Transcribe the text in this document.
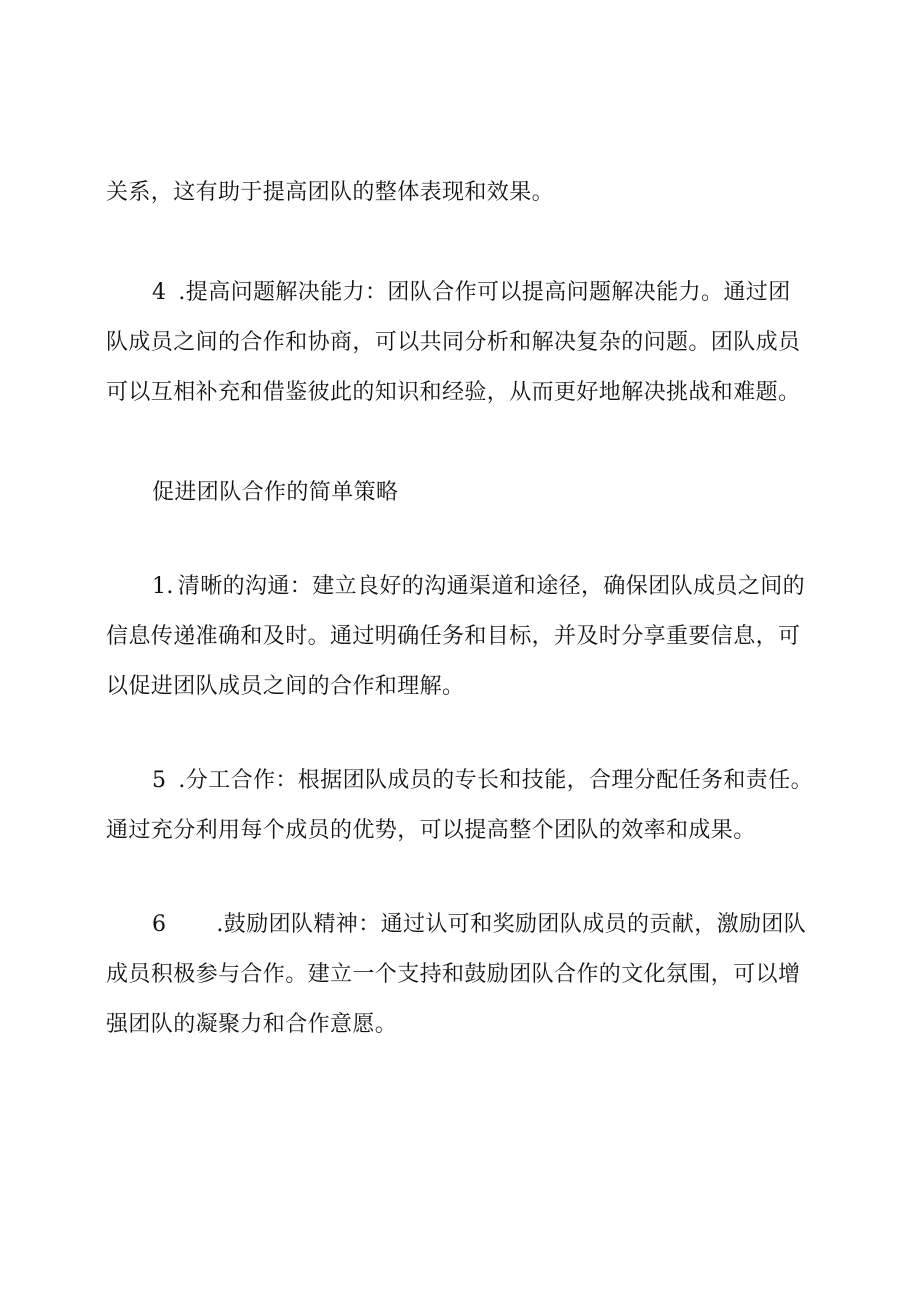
关系，这有助于提高团队的整体表现和效果。

4 .提高问题解决能力：团队合作可以提高问题解决能力。通过团

队成员之间的合作和协商，可以共同分析和解决复杂的问题。团队成员

可以互相补充和借鉴彼此的知识和经验，从而更好地解决挑战和难题。

促进团队合作的简单策略

1. 清晰的沟通：建立良好的沟通渠道和途径，确保团队成员之间的

信息传递准确和及时。通过明确任务和目标，并及时分享重要信息，可

以促进团队成员之间的合作和理解。

5 .分工合作：根据团队成员的专长和技能，合理分配任务和责任。

通过充分利用每个成员的优势，可以提高整个团队的效率和成果。

6 .鼓励团队精神：通过认可和奖励团队成员的贡献，激励团队

成员积极参与合作。建立一个支持和鼓励团队合作的文化氛围，可以增

强团队的凝聚力和合作意愿。
